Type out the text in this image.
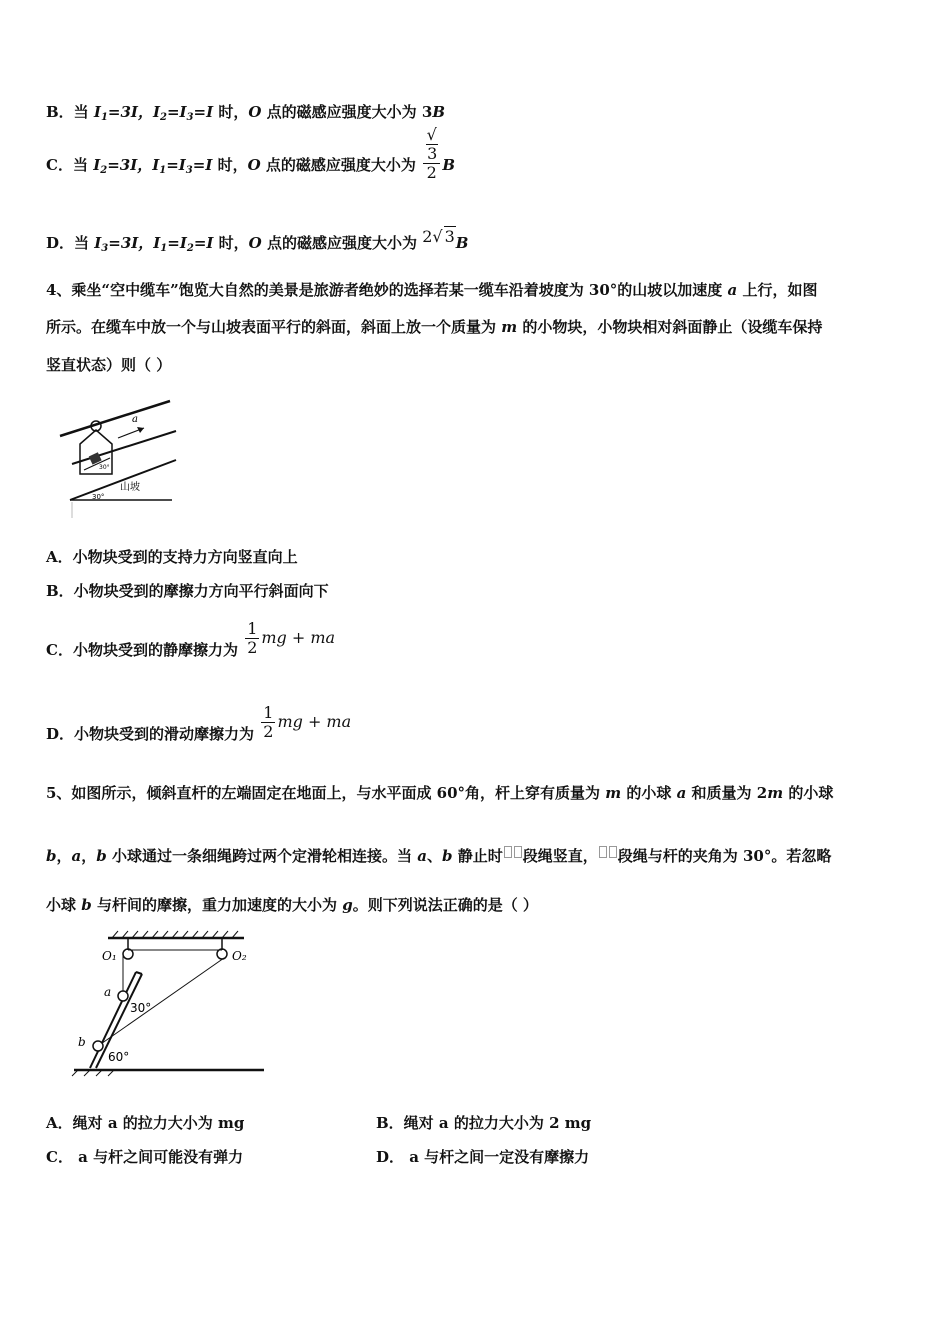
B．当 $I_1=3I$，$I_2=I_3=I$ 时，O 点的磁感应强度大小为 3B
C．当 $I_2=3I$，$I_1=I_3=I$ 时，O 点的磁感应强度大小为 √
3
2 B
D．当 $I_3=3I$，$I_1=I_2=I$ 时，O 点的磁感应强度大小为 2√ 3B
4、乘坐“空中缆车”饱览大自然的美景是旅游者绝妙的选择若某一缆车沿着坡度为 30°的山坡以加速度 a 上行，如图
所示。在缆车中放一个与山坡表面平行的斜面，斜面上放一个质量为 m 的小物块，小物块相对斜面静止（设缆车保持
竖直状态）则（ ）
a
山坡
30°
30°
A．小物块受到的支持力方向竖直向上
B．小物块受到的摩擦力方向平行斜面向下
C．小物块受到的静摩擦力为 $\frac{1}{2}$ mg + ma
D．小物块受到的滑动摩擦力为 $\frac{1}{2}$ mg + ma
5、如图所示，倾斜直杆的左端固定在地面上，与水平面成 60°角，杆上穿有质量为 m 的小球 a 和质量为 2m 的小球
b，a，b 小球通过一条细绳跨过两个定滑轮相连接。当 a、b 静止时 段绳竖直， 段绳与杆的夹角为 30°。若忽略
小球 b 与杆间的摩擦，重力加速度的大小为 g。则下列说法正确的是（ ）
O₁	O₂
a
b
30°
60°
A．绳对 a 的拉力大小为 mg	B．绳对 a 的拉力大小为 2 mg
C． a 与杆之间可能没有弹力	D． a 与杆之间一定没有摩擦力
